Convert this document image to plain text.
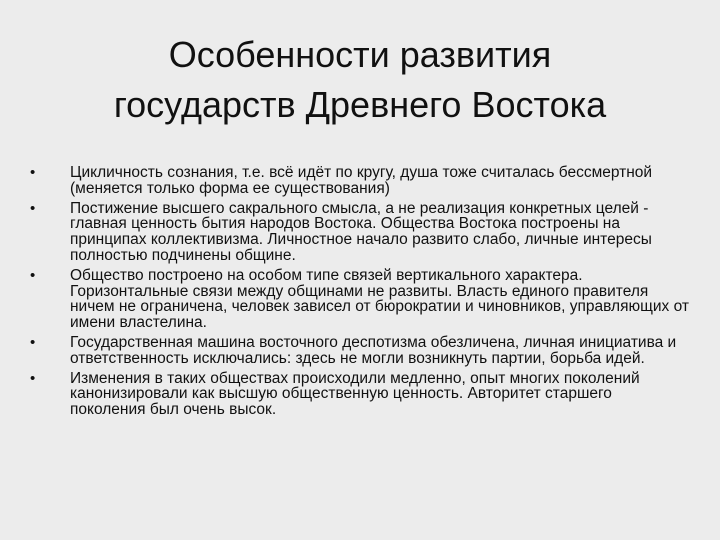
Особенности развития
государств Древнего Востока
•	Цикличность сознания, т.е. всё идёт по кругу, душа тоже считалась бессмертной (меняется только форма ее существования)
•	Постижение высшего сакрального смысла, а не реализация конкретных целей - главная ценность бытия народов Востока. Общества Востока построены на принципах коллективизма. Личностное начало развито слабо, личные интересы полностью подчинены общине.
•	Общество построено на особом типе связей вертикального характера. Горизонтальные связи между общинами не развиты. Власть единого правителя ничем не ограничена, человек зависел от бюрократии и чиновников, управляющих от имени властелина.
•	Государственная машина восточного деспотизма обезличена, личная инициатива и ответственность исключались: здесь не могли возникнуть партии, борьба идей.
•	Изменения в таких обществах происходили медленно, опыт многих поколений канонизировали как высшую общественную ценность. Авторитет старшего поколения был очень высок.
